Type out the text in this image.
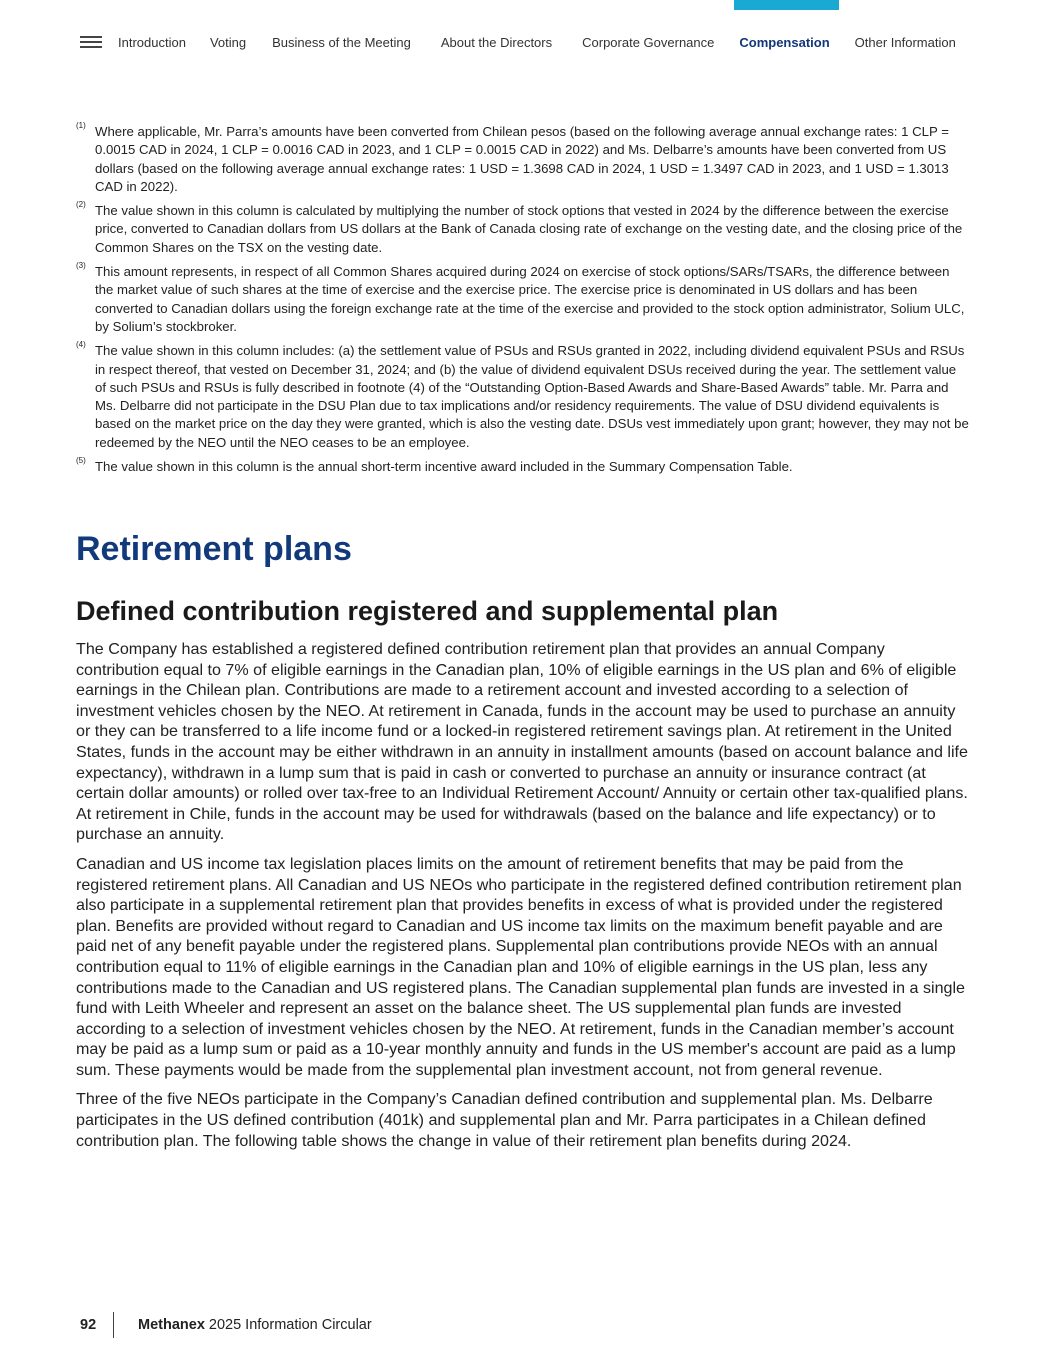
Introduction Voting Business of the Meeting About the Directors Corporate Governance Compensation Other Information
(1) Where applicable, Mr. Parra’s amounts have been converted from Chilean pesos (based on the following average annual exchange rates: 1 CLP = 0.0015 CAD in 2024, 1 CLP = 0.0016 CAD in 2023, and 1 CLP = 0.0015 CAD in 2022) and Ms. Delbarre’s amounts have been converted from US dollars (based on the following average annual exchange rates: 1 USD = 1.3698 CAD in 2024, 1 USD = 1.3497 CAD in 2023, and 1 USD = 1.3013 CAD in 2022).
(2) The value shown in this column is calculated by multiplying the number of stock options that vested in 2024 by the difference between the exercise price, converted to Canadian dollars from US dollars at the Bank of Canada closing rate of exchange on the vesting date, and the closing price of the Common Shares on the TSX on the vesting date.
(3) This amount represents, in respect of all Common Shares acquired during 2024 on exercise of stock options/SARs/TSARs, the difference between the market value of such shares at the time of exercise and the exercise price. The exercise price is denominated in US dollars and has been converted to Canadian dollars using the foreign exchange rate at the time of the exercise and provided to the stock option administrator, Solium ULC, by Solium’s stockbroker.
(4) The value shown in this column includes: (a) the settlement value of PSUs and RSUs granted in 2022, including dividend equivalent PSUs and RSUs in respect thereof, that vested on December 31, 2024; and (b) the value of dividend equivalent DSUs received during the year. The settlement value of such PSUs and RSUs is fully described in footnote (4) of the “Outstanding Option-Based Awards and Share-Based Awards” table. Mr. Parra and Ms. Delbarre did not participate in the DSU Plan due to tax implications and/or residency requirements. The value of DSU dividend equivalents is based on the market price on the day they were granted, which is also the vesting date. DSUs vest immediately upon grant; however, they may not be redeemed by the NEO until the NEO ceases to be an employee.
(5) The value shown in this column is the annual short-term incentive award included in the Summary Compensation Table.
Retirement plans
Defined contribution registered and supplemental plan

The Company has established a registered defined contribution retirement plan that provides an annual Company contribution equal to 7% of eligible earnings in the Canadian plan, 10% of eligible earnings in the US plan and 6% of eligible earnings in the Chilean plan. Contributions are made to a retirement account and invested according to a selection of investment vehicles chosen by the NEO. At retirement in Canada, funds in the account may be used to purchase an annuity or they can be transferred to a life income fund or a locked-in registered retirement savings plan. At retirement in the United States, funds in the account may be either withdrawn in an annuity in installment amounts (based on account balance and life expectancy), withdrawn in a lump sum that is paid in cash or converted to purchase an annuity or insurance contract (at certain dollar amounts) or rolled over tax-free to an Individual Retirement Account/ Annuity or certain other tax-qualified plans. At retirement in Chile, funds in the account may be used for withdrawals (based on the balance and life expectancy) or to purchase an annuity.

Canadian and US income tax legislation places limits on the amount of retirement benefits that may be paid from the registered retirement plans. All Canadian and US NEOs who participate in the registered defined contribution retirement plan also participate in a supplemental retirement plan that provides benefits in excess of what is provided under the registered plan. Benefits are provided without regard to Canadian and US income tax limits on the maximum benefit payable and are paid net of any benefit payable under the registered plans. Supplemental plan contributions provide NEOs with an annual contribution equal to 11% of eligible earnings in the Canadian plan and 10% of eligible earnings in the US plan, less any contributions made to the Canadian and US registered plans. The Canadian supplemental plan funds are invested in a single fund with Leith Wheeler and represent an asset on the balance sheet. The US supplemental plan funds are invested according to a selection of investment vehicles chosen by the NEO. At retirement, funds in the Canadian member’s account may be paid as a lump sum or paid as a 10-year monthly annuity and funds in the US member's account are paid as a lump sum. These payments would be made from the supplemental plan investment account, not from general revenue.

Three of the five NEOs participate in the Company’s Canadian defined contribution and supplemental plan. Ms. Delbarre participates in the US defined contribution (401k) and supplemental plan and Mr. Parra participates in a Chilean defined contribution plan. The following table shows the change in value of their retirement plan benefits during 2024.

92	Methanex 2025 Information Circular
